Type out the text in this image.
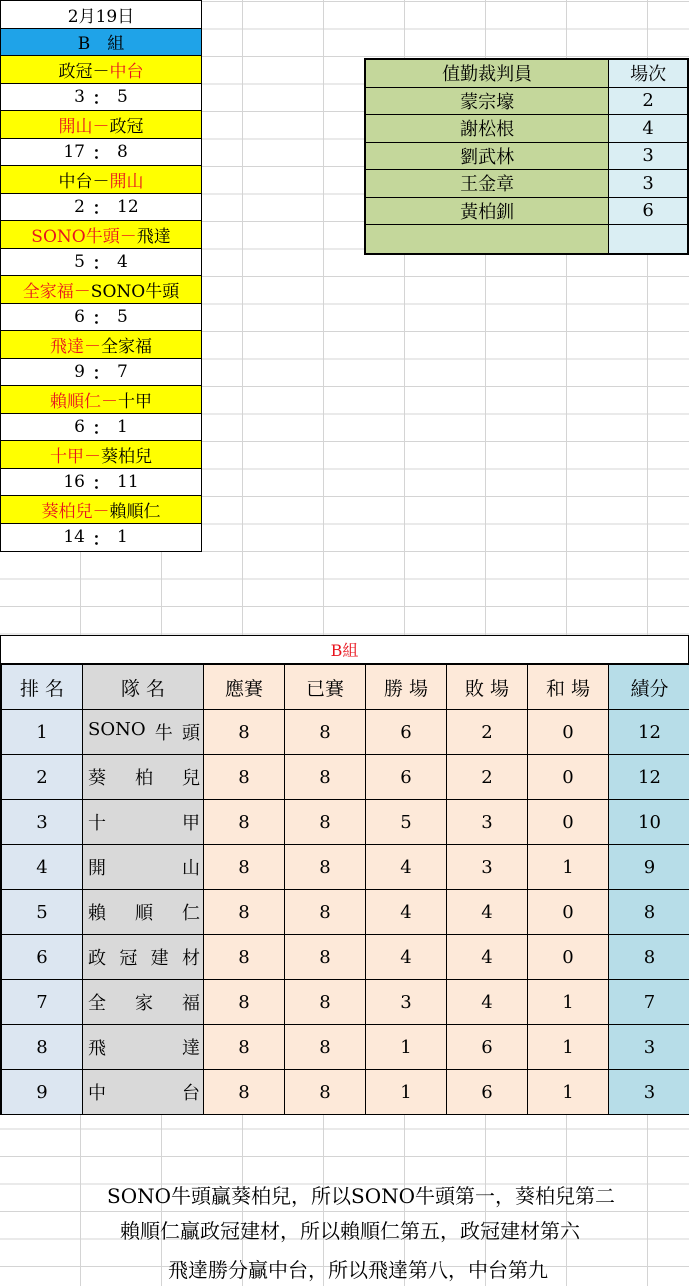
2月19日
B　組
政冠 － 中台
3 ： 5
開山 － 政冠
17 ： 8
中台 － 開山
2 ： 12
SONO牛頭 － 飛達
5 ： 4
全家福 － SONO牛頭
6 ： 5
飛達 － 全家福
9 ： 7
賴順仁 － 十甲
6 ： 1
十甲 － 葵柏兒
16 ： 11
葵柏兒 － 賴順仁
14 ： 1
值勤裁判員	場次
蒙宗壕	2
謝松根	4
劉武林	3
王金章	3
黃柏釧	6
B組
排 名	隊 名	應賽	已賽	勝 場	敗 場	和 場	績分
1	SONO 牛 頭	8	8	6	2	0	12
2	葵 柏 兒	8	8	6	2	0	12
3	十 甲	8	8	5	3	0	10
4	開 山	8	8	4	3	1	9
5	賴 順 仁	8	8	4	4	0	8
6	政 冠 建 材	8	8	4	4	0	8
7	全 家 福	8	8	3	4	1	7
8	飛 達	8	8	1	6	1	3
9	中 台	8	8	1	6	1	3
SONO牛頭贏葵柏兒，所以SONO牛頭第一，葵柏兒第二
賴順仁贏政冠建材，所以賴順仁第五，政冠建材第六
飛達勝分贏中台，所以飛達第八，中台第九
